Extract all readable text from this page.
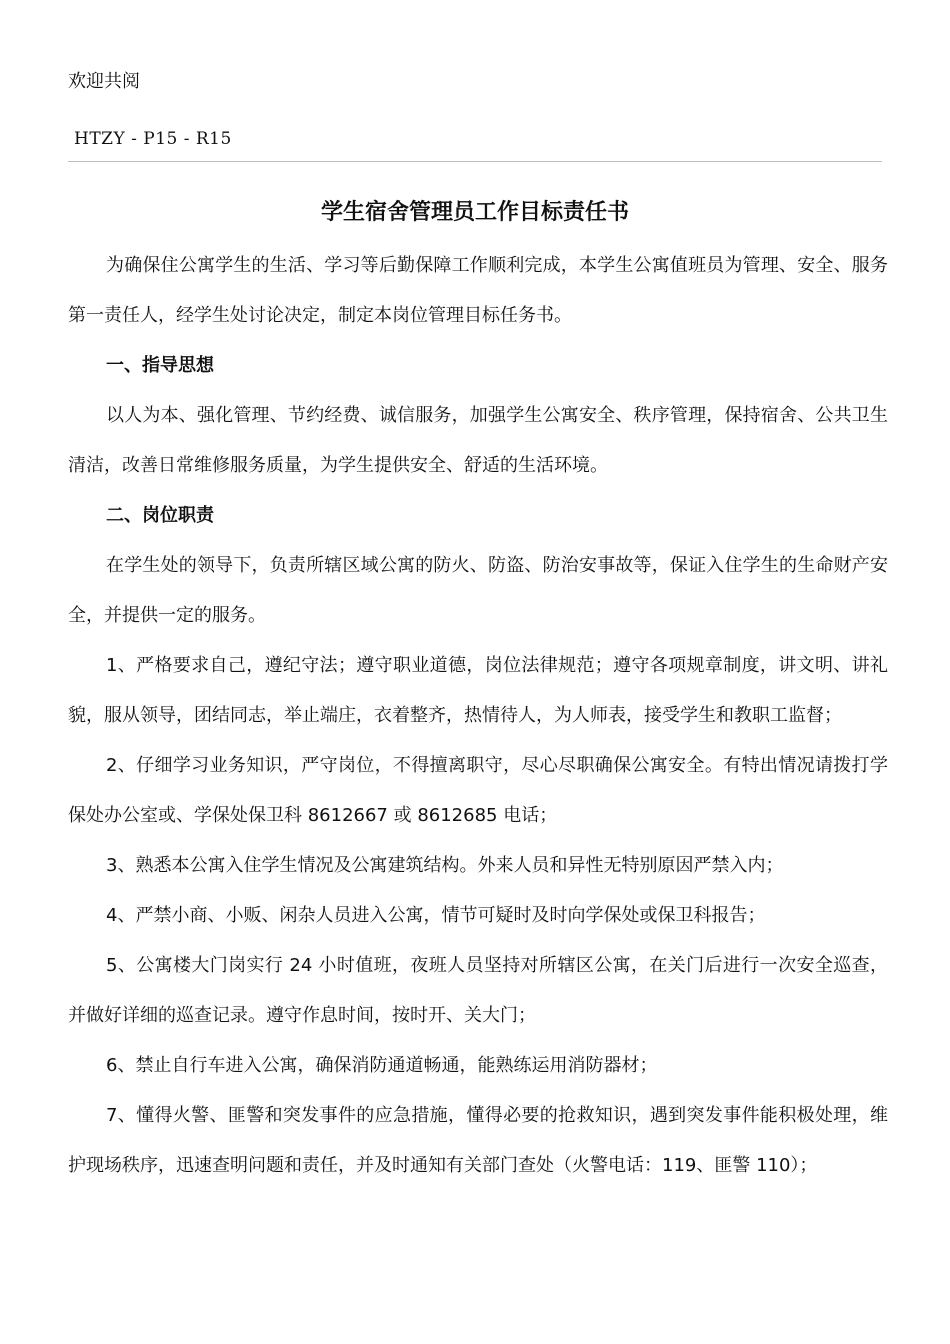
欢迎共阅

HTZY - P15 - R15

学生宿舍管理员工作目标责任书

为确保住公寓学生的生活、学习等后勤保障工作顺利完成，本学生公寓值班员为管理、安全、服务第一责任人，经学生处讨论决定，制定本岗位管理目标任务书。

一、指导思想

以人为本、强化管理、节约经费、诚信服务，加强学生公寓安全、秩序管理，保持宿舍、公共卫生清洁，改善日常维修服务质量，为学生提供安全、舒适的生活环境。

二、岗位职责

在学生处的领导下，负责所辖区域公寓的防火、防盗、防治安事故等，保证入住学生的生命财产安全，并提供一定的服务。

1、严格要求自己，遵纪守法；遵守职业道德，岗位法律规范；遵守各项规章制度，讲文明、讲礼貌，服从领导，团结同志，举止端庄，衣着整齐，热情待人，为人师表，接受学生和教职工监督；

2、仔细学习业务知识，严守岗位，不得擅离职守，尽心尽职确保公寓安全。有特出情况请拨打学保处办公室或、学保处保卫科 8612667 或 8612685 电话；

3、熟悉本公寓入住学生情况及公寓建筑结构。外来人员和异性无特别原因严禁入内；

4、严禁小商、小贩、闲杂人员进入公寓，情节可疑时及时向学保处或保卫科报告；

5、公寓楼大门岗实行 24 小时值班，夜班人员坚持对所辖区公寓，在关门后进行一次安全巡查，并做好详细的巡查记录。遵守作息时间，按时开、关大门；

6、禁止自行车进入公寓，确保消防通道畅通，能熟练运用消防器材；

7、懂得火警、匪警和突发事件的应急措施，懂得必要的抢救知识，遇到突发事件能积极处理，维护现场秩序，迅速查明问题和责任，并及时通知有关部门查处（火警电话：119、匪警 110）；
